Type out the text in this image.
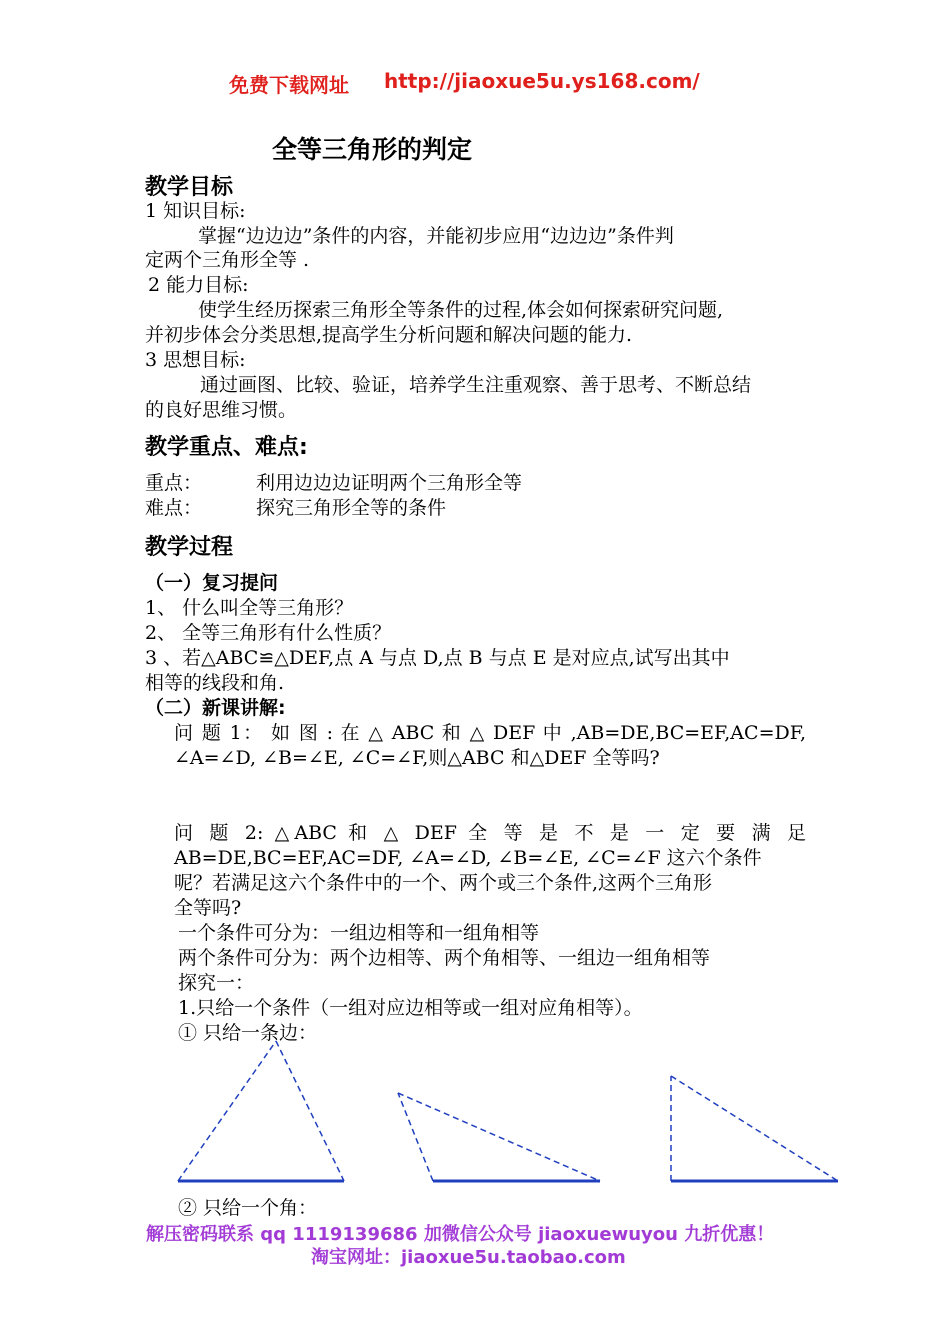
免费下载网址 http://jiaoxue5u.ys168.com/
全等三角形的判定
教学目标
1 知识目标:
掌握“边边边”条件的内容，并能初步应用“边边边”条件判
定两个三角形全等 .
2 能力目标:
使学生经历探索三角形全等条件的过程,体会如何探索研究问题,
并初步体会分类思想,提高学生分析问题和解决问题的能力.
3 思想目标:
通过画图、比较、验证，培养学生注重观察、善于思考、不断总结
的良好思维习惯。
教学重点、难点:
重点：	利用边边边证明两个三角形全等
难点：	探究三角形全等的条件
教学过程
（一）复习提问
1、 什么叫全等三角形？
2、 全等三角形有什么性质？
3 、若△ABC≌△DEF,点 A 与点 D,点 B 与点 E 是对应点,试写出其中
相等的线段和角.
（二）新课讲解:
问 题 1： 如 图 : 在 △ ABC 和 △ DEF 中 ,AB=DE,BC=EF,AC=DF,
∠A=∠D, ∠B=∠E, ∠C=∠F,则△ABC 和△DEF 全等吗?
问 题 2: △ABC 和 △ DEF 全 等 是 不 是 一 定 要 满 足
AB=DE,BC=EF,AC=DF, ∠A=∠D, ∠B=∠E, ∠C=∠F 这六个条件
呢？若满足这六个条件中的一个、两个或三个条件,这两个三角形
全等吗?
一个条件可分为：一组边相等和一组角相等
两个条件可分为：两个边相等、两个角相等、一组边一组角相等
探究一：
1.只给一个条件（一组对应边相等或一组对应角相等）。
① 只给一条边：
② 只给一个角：
解压密码联系 qq 1119139686 加微信公众号 jiaoxuewuyou 九折优惠！
淘宝网址：jiaoxue5u.taobao.com
